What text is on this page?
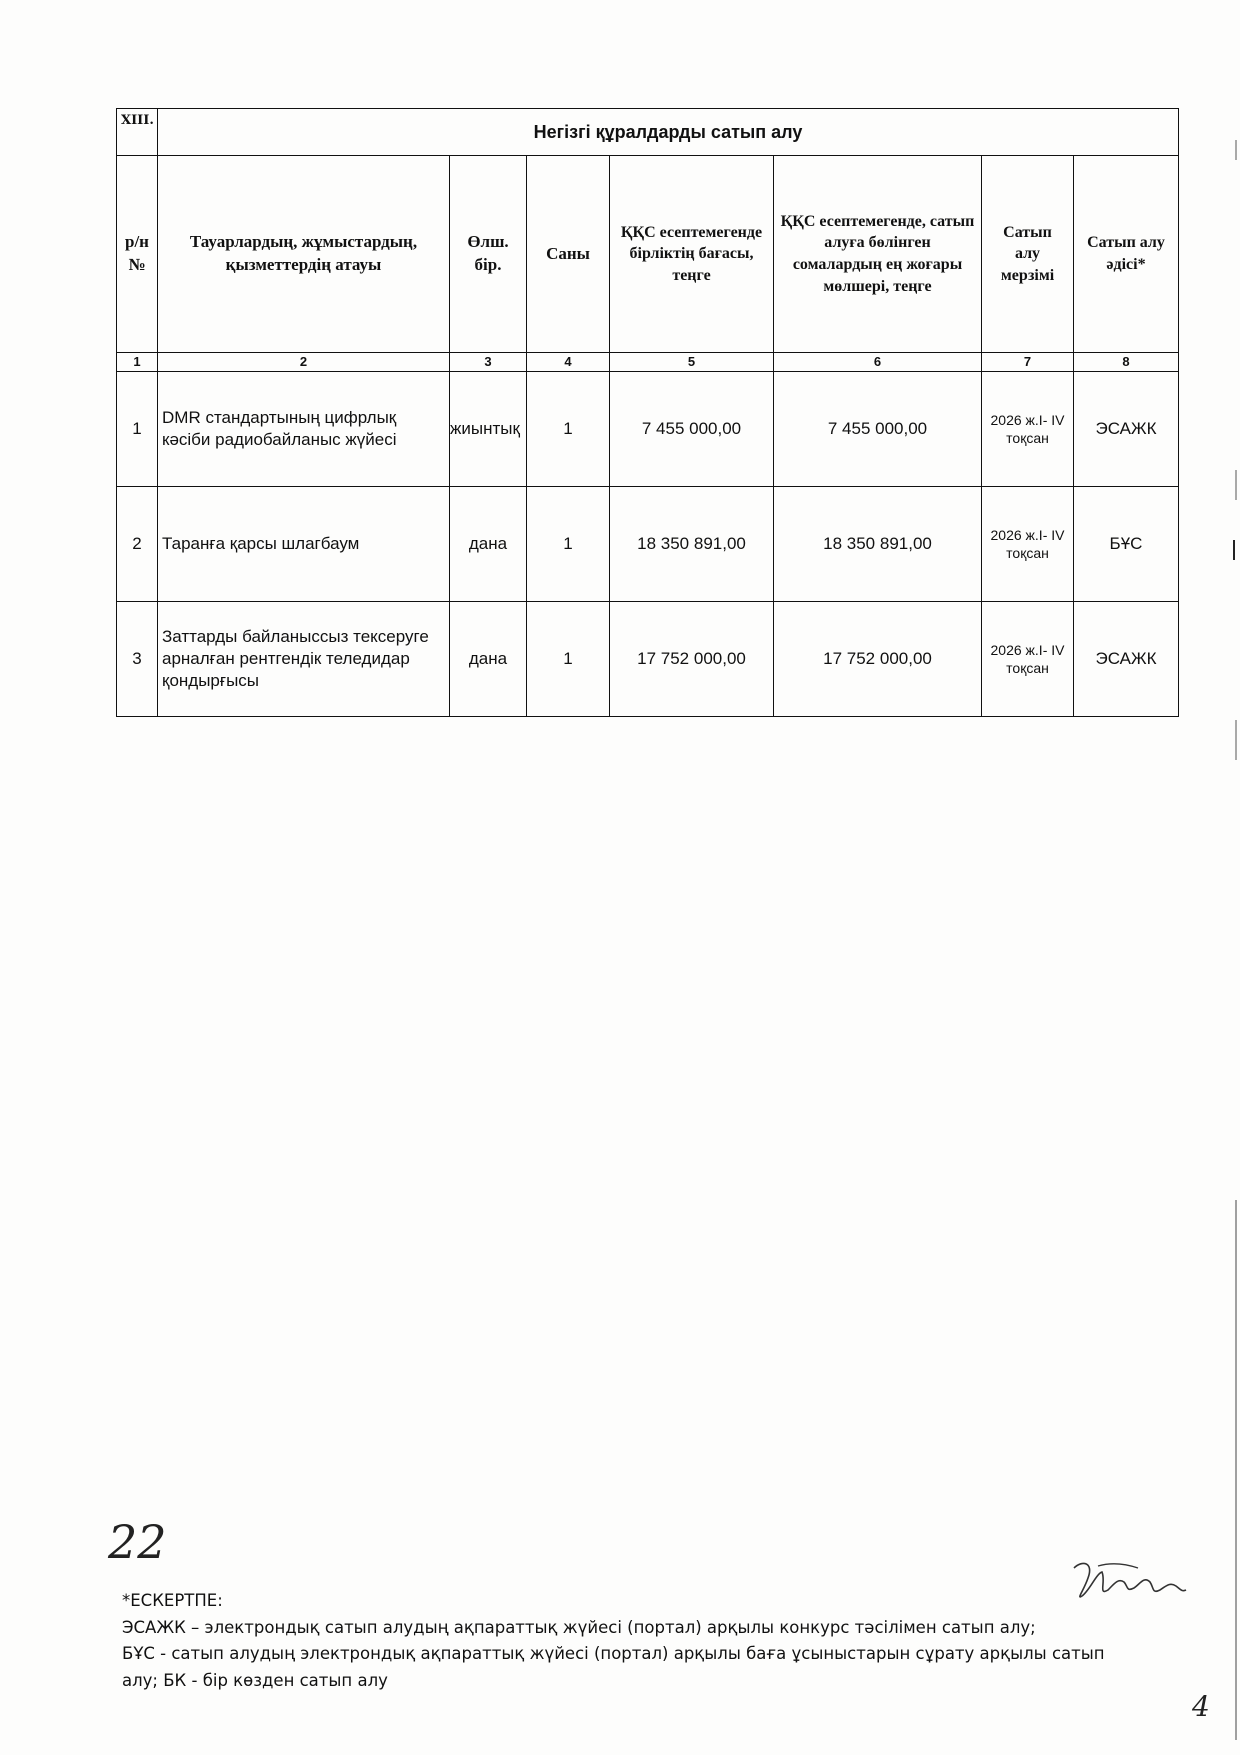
XIII.	Негізгі құралдарды сатып алу						
р/н №	Тауарлардың, жұмыстардың, қызметтердің атауы	Өлш. бір.	Саны	ҚҚС есептемегенде бірліктің бағасы, теңге	ҚҚС есептемегенде, сатып алуға бөлінген сомалардың ең жоғары мөлшері, теңге	Сатып алу мерзімі	Сатып алу әдісі*
1	2	3	4	5	6	7	8
1	DMR стандартының цифрлық кәсіби радиобайланыс жүйесі	жиынтық	1	7 455 000,00	7 455 000,00	2026 ж.І- IV тоқсан	ЭСАЖК
2	Таранға қарсы шлагбаум	дана	1	18 350 891,00	18 350 891,00	2026 ж.І- IV тоқсан	БҰС
3	Заттарды байланыссыз тексеруге арналған рентгендік теледидар қондырғысы	дана	1	17 752 000,00	17 752 000,00	2026 ж.І- IV тоқсан	ЭСАЖК
22
*ЕСКЕРТПЕ:
ЭСАЖК – электрондық сатып алудың ақпараттық жүйесі (портал) арқылы конкурс тәсілімен сатып алу;
БҰС - сатып алудың электрондық ақпараттық жүйесі (портал) арқылы баға ұсыныстарын сұрату арқылы сатып алу; БК - бір көзден сатып алу
4
